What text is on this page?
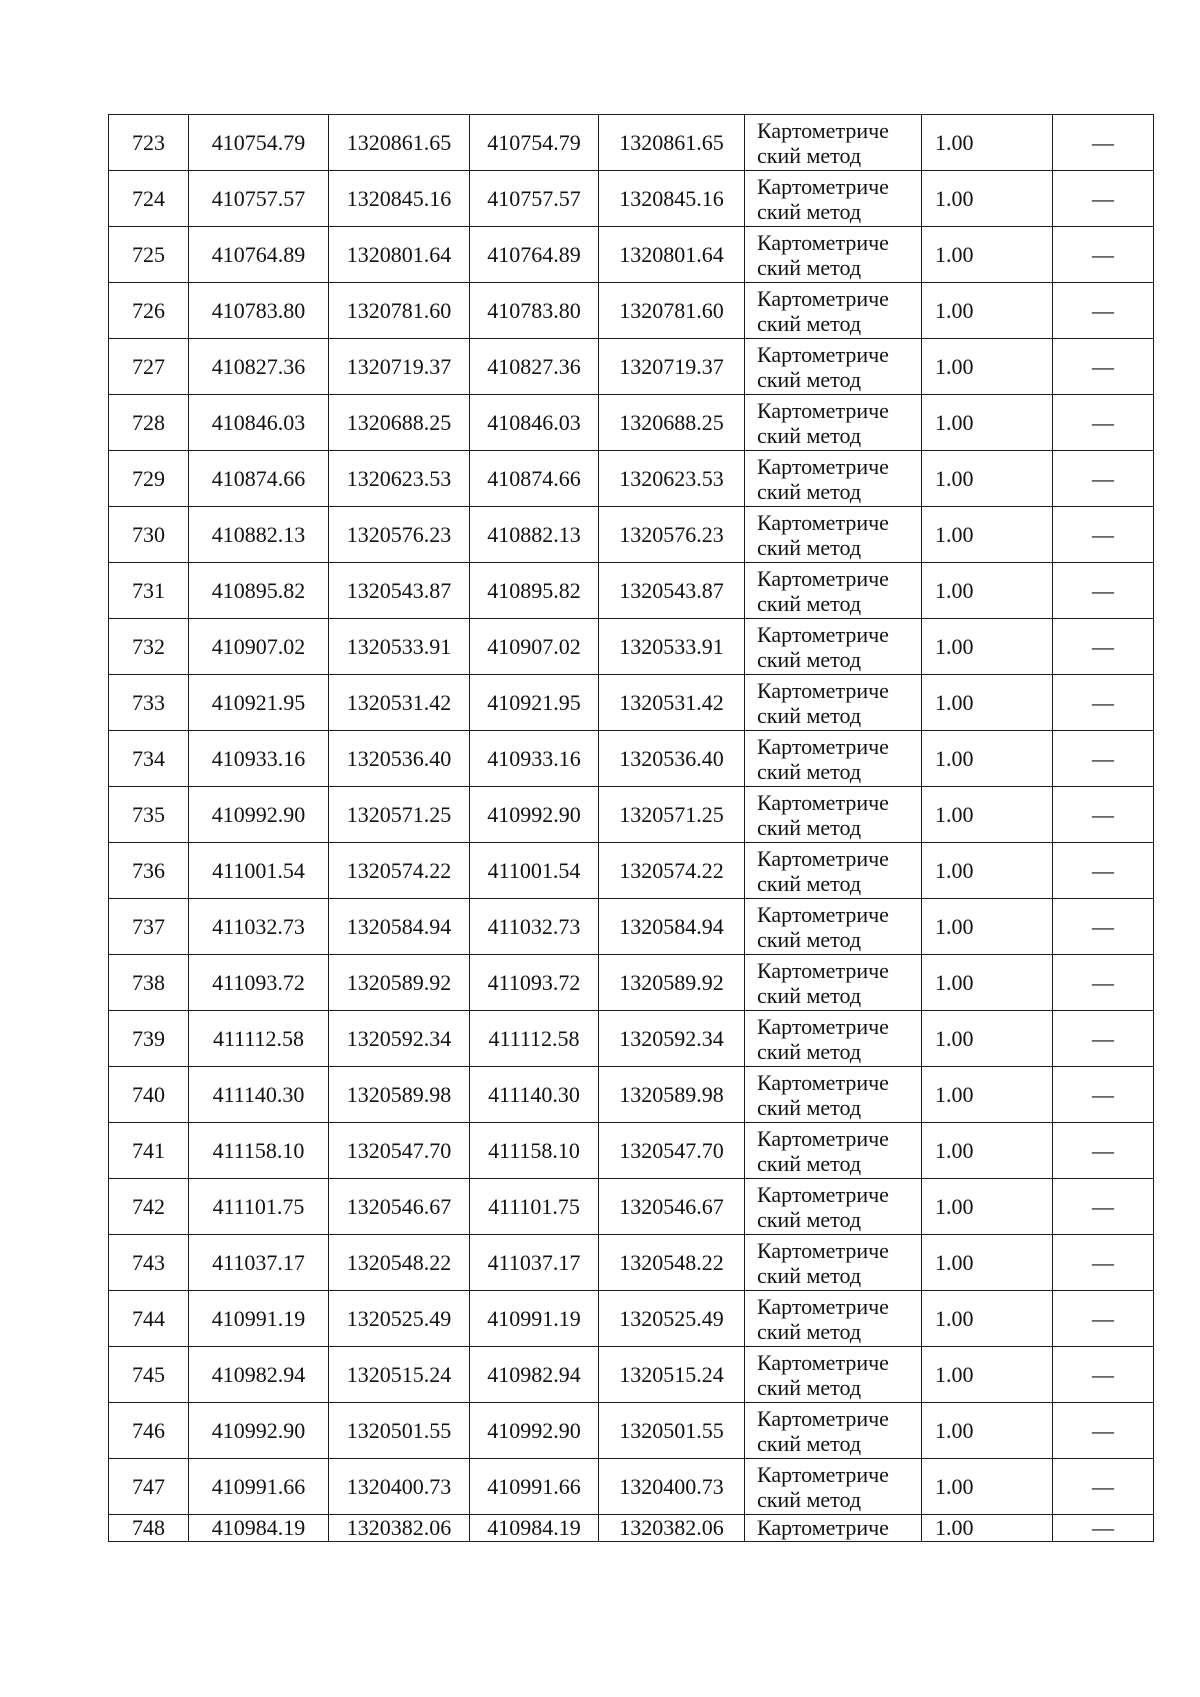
723	410754.79	1320861.65	410754.79	1320861.65	Картометриче
ский метод	1.00	—
724	410757.57	1320845.16	410757.57	1320845.16	Картометриче
ский метод	1.00	—
725	410764.89	1320801.64	410764.89	1320801.64	Картометриче
ский метод	1.00	—
726	410783.80	1320781.60	410783.80	1320781.60	Картометриче
ский метод	1.00	—
727	410827.36	1320719.37	410827.36	1320719.37	Картометриче
ский метод	1.00	—
728	410846.03	1320688.25	410846.03	1320688.25	Картометриче
ский метод	1.00	—
729	410874.66	1320623.53	410874.66	1320623.53	Картометриче
ский метод	1.00	—
730	410882.13	1320576.23	410882.13	1320576.23	Картометриче
ский метод	1.00	—
731	410895.82	1320543.87	410895.82	1320543.87	Картометриче
ский метод	1.00	—
732	410907.02	1320533.91	410907.02	1320533.91	Картометриче
ский метод	1.00	—
733	410921.95	1320531.42	410921.95	1320531.42	Картометриче
ский метод	1.00	—
734	410933.16	1320536.40	410933.16	1320536.40	Картометриче
ский метод	1.00	—
735	410992.90	1320571.25	410992.90	1320571.25	Картометриче
ский метод	1.00	—
736	411001.54	1320574.22	411001.54	1320574.22	Картометриче
ский метод	1.00	—
737	411032.73	1320584.94	411032.73	1320584.94	Картометриче
ский метод	1.00	—
738	411093.72	1320589.92	411093.72	1320589.92	Картометриче
ский метод	1.00	—
739	411112.58	1320592.34	411112.58	1320592.34	Картометриче
ский метод	1.00	—
740	411140.30	1320589.98	411140.30	1320589.98	Картометриче
ский метод	1.00	—
741	411158.10	1320547.70	411158.10	1320547.70	Картометриче
ский метод	1.00	—
742	411101.75	1320546.67	411101.75	1320546.67	Картометриче
ский метод	1.00	—
743	411037.17	1320548.22	411037.17	1320548.22	Картометриче
ский метод	1.00	—
744	410991.19	1320525.49	410991.19	1320525.49	Картометриче
ский метод	1.00	—
745	410982.94	1320515.24	410982.94	1320515.24	Картометриче
ский метод	1.00	—
746	410992.90	1320501.55	410992.90	1320501.55	Картометриче
ский метод	1.00	—
747	410991.66	1320400.73	410991.66	1320400.73	Картометриче
ский метод	1.00	—
748	410984.19	1320382.06	410984.19	1320382.06	Картометриче	1.00	—
